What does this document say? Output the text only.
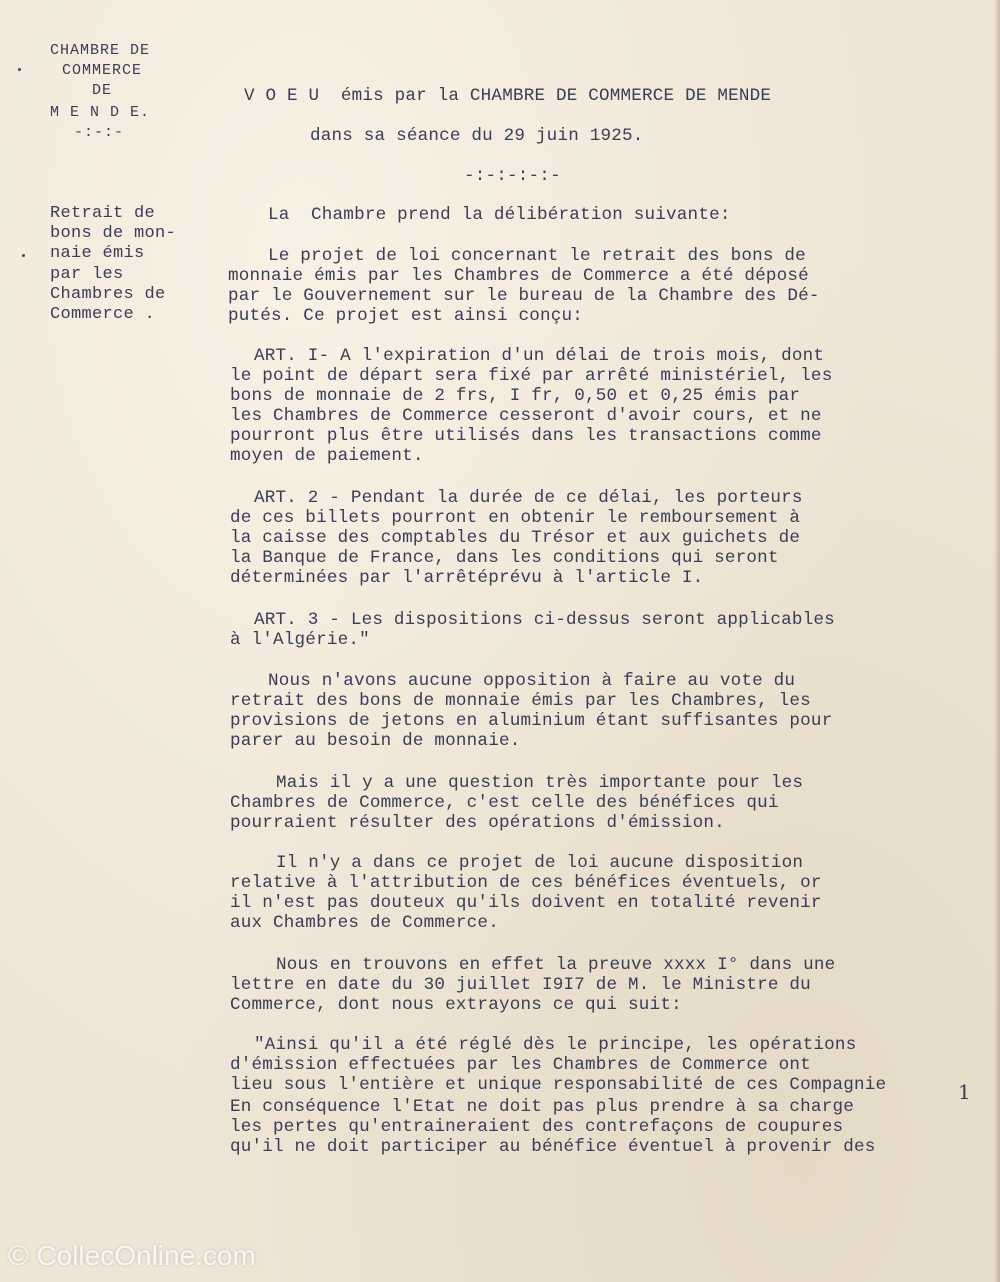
CHAMBRE DE
COMMERCE
DE
M E N D E.
-:-:-
V O E U  émis par la CHAMBRE DE COMMERCE DE MENDE
dans sa séance du 29 juin 1925.
-:-:-:-:-
Retrait de
bons de mon-
naie émis
par les
Chambres de
Commerce .
La  Chambre prend la délibération suivante:
Le projet de loi concernant le retrait des bons de
monnaie émis par les Chambres de Commerce a été déposé
par le Gouvernement sur le bureau de la Chambre des Dé-
putés. Ce projet est ainsi conçu:
ART. I- A l'expiration d'un délai de trois mois, dont
le point de départ sera fixé par arrêté ministériel, les
bons de monnaie de 2 frs, I fr, 0,50 et 0,25 émis par
les Chambres de Commerce cesseront d'avoir cours, et ne
pourront plus être utilisés dans les transactions comme
moyen de paiement.
ART. 2 - Pendant la durée de ce délai, les porteurs
de ces billets pourront en obtenir le remboursement à
la caisse des comptables du Trésor et aux guichets de
la Banque de France, dans les conditions qui seront
déterminées par l'arrêtéprévu à l'article I.
ART. 3 - Les dispositions ci-dessus seront applicables
à l'Algérie."
Nous n'avons aucune opposition à faire au vote du
retrait des bons de monnaie émis par les Chambres, les
provisions de jetons en aluminium étant suffisantes pour
parer au besoin de monnaie.
Mais il y a une question très importante pour les
Chambres de Commerce, c'est celle des bénéfices qui
pourraient résulter des opérations d'émission.
Il n'y a dans ce projet de loi aucune disposition
relative à l'attribution de ces bénéfices éventuels, or
il n'est pas douteux qu'ils doivent en totalité revenir
aux Chambres de Commerce.
Nous en trouvons en effet la preuve xxxx I° dans une
lettre en date du 30 juillet I9I7 de M. le Ministre du
Commerce, dont nous extrayons ce qui suit:
"Ainsi qu'il a été réglé dès le principe, les opérations
d'émission effectuées par les Chambres de Commerce ont
lieu sous l'entière et unique responsabilité de ces Compagnie
En conséquence l'Etat ne doit pas plus prendre à sa charge
les pertes qu'entraineraient des contrefaçons de coupures
qu'il ne doit participer au bénéfice éventuel à provenir des
1
© CollecOnline.com
